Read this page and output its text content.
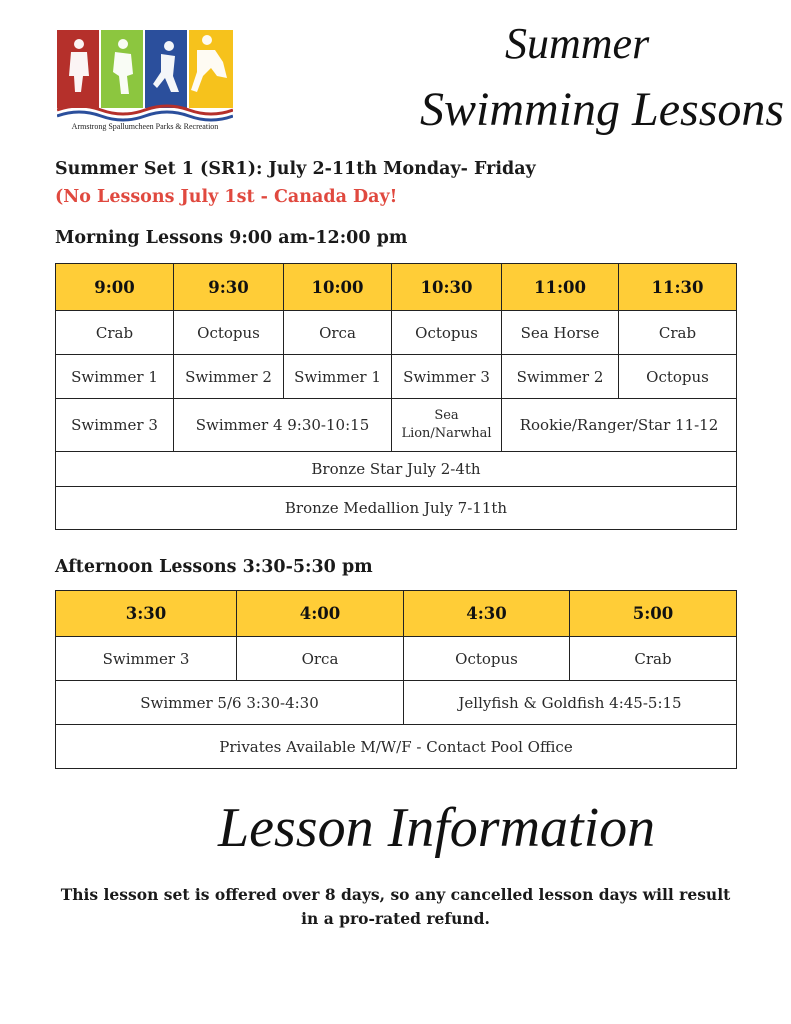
Armstrong Spallumcheen Parks & Recreation
Summer
Swimming Lessons
Summer Set 1 (SR1): July 2-11th Monday- Friday
(No Lessons July 1st - Canada Day!
Morning Lessons 9:00 am-12:00 pm
9:00	9:30	10:00	10:30	11:00	11:30
Crab	Octopus	Orca	Octopus	Sea Horse	Crab
Swimmer 1	Swimmer 2	Swimmer 1	Swimmer 3	Swimmer 2	Octopus
Swimmer 3	Swimmer 4 9:30-10:15		Sea Lion/Narwhal	Rookie/Ranger/Star 11-12	
Bronze Star July 2-4th					
Bronze Medallion July 7-11th					
Afternoon Lessons 3:30-5:30 pm
3:30	4:00	4:30	5:00
Swimmer 3	Orca	Octopus	Crab
Swimmer 5/6 3:30-4:30		Jellyfish & Goldfish 4:45-5:15	
Privates Available M/W/F - Contact Pool Office			
Lesson Information
This lesson set is offered over 8 days, so any cancelled lesson days will result in a pro-rated refund.
